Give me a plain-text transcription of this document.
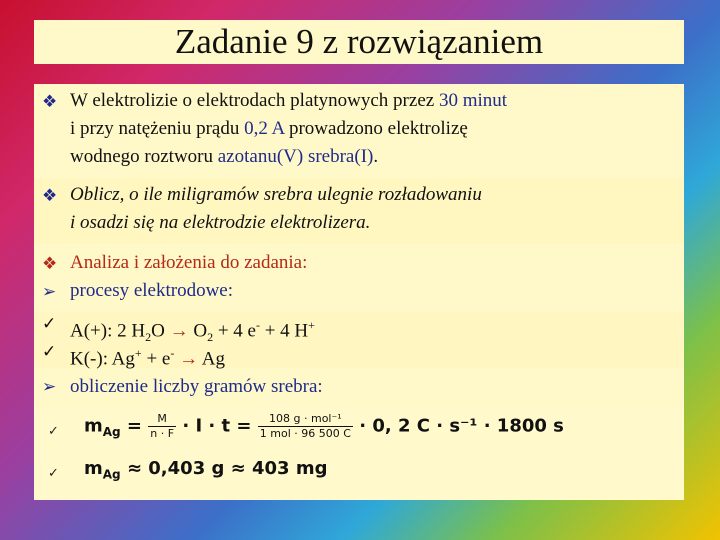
Zadanie 9 z rozwiązaniem
❖ W elektrolizie o elektrodach platynowych przez 30 minut
i przy natężeniu prądu 0,2 A prowadzono elektrolizę
wodnego roztworu azotanu(V) srebra(I).
❖ Oblicz, o ile miligramów srebra ulegnie rozładowaniu
i osadzi się na elektrodzie elektrolizera.
❖ Analiza i założenia do zadania:
➢ procesy elektrodowe:
✓ A(+): 2 $H_2O \to O_2 + 4$ e- + 4 H+
✓ K(-): Ag+ + e- → Ag
➢ obliczenie liczby gramów srebra:
✓ $m_{Ag} = \frac{M}{n \cdot F} \cdot I \cdot t = \frac{\text{108 g · mol⁻¹}}{\text{1 mol · 96 500 C}} \cdot 0$, 2 C · s⁻¹ · 1800 s
✓ $m_{Ag} \approx 0,403$ g ≈ 403 mg
